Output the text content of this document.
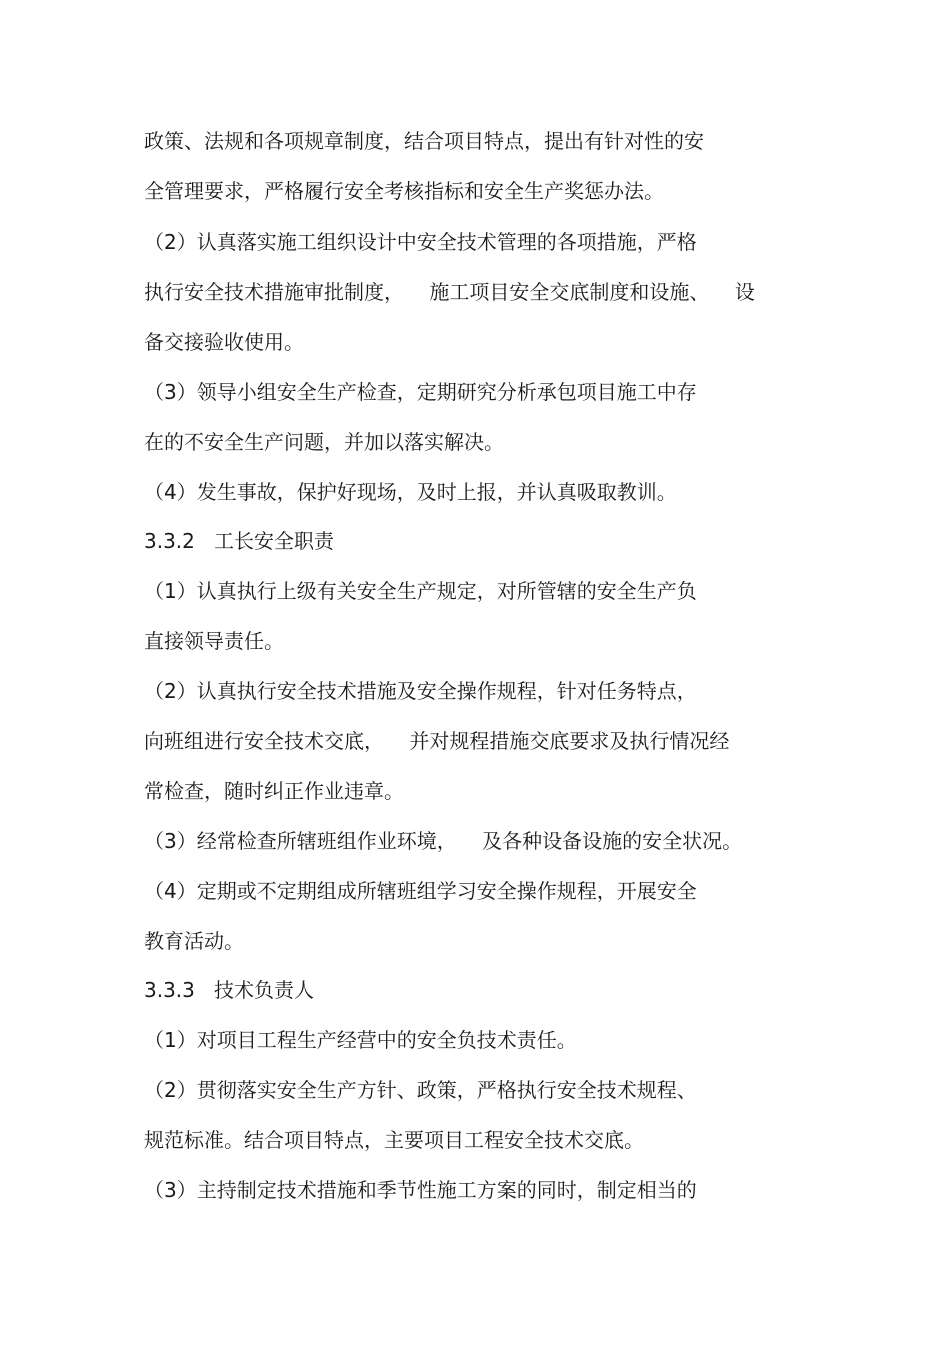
政策、法规和各项规章制度，结合项目特点，提出有针对性的安
全管理要求，严格履行安全考核指标和安全生产奖惩办法。
（2）认真落实施工组织设计中安全技术管理的各项措施，严格
执行安全技术措施审批制度，    施工项目安全交底制度和设施、    设
备交接验收使用。
（3）领导小组安全生产检查，定期研究分析承包项目施工中存
在的不安全生产问题，并加以落实解决。
（4）发生事故，保护好现场，及时上报，并认真吸取教训。
3.3.2   工长安全职责
（1）认真执行上级有关安全生产规定，对所管辖的安全生产负
直接领导责任。
（2）认真执行安全技术措施及安全操作规程，针对任务特点，
向班组进行安全技术交底，    并对规程措施交底要求及执行情况经
常检查，随时纠正作业违章。
（3）经常检查所辖班组作业环境，    及各种设备设施的安全状况。
（4）定期或不定期组成所辖班组学习安全操作规程，开展安全
教育活动。
3.3.3   技术负责人
（1）对项目工程生产经营中的安全负技术责任。
（2）贯彻落实安全生产方针、政策，严格执行安全技术规程、
规范标准。结合项目特点，主要项目工程安全技术交底。
（3）主持制定技术措施和季节性施工方案的同时，制定相当的
